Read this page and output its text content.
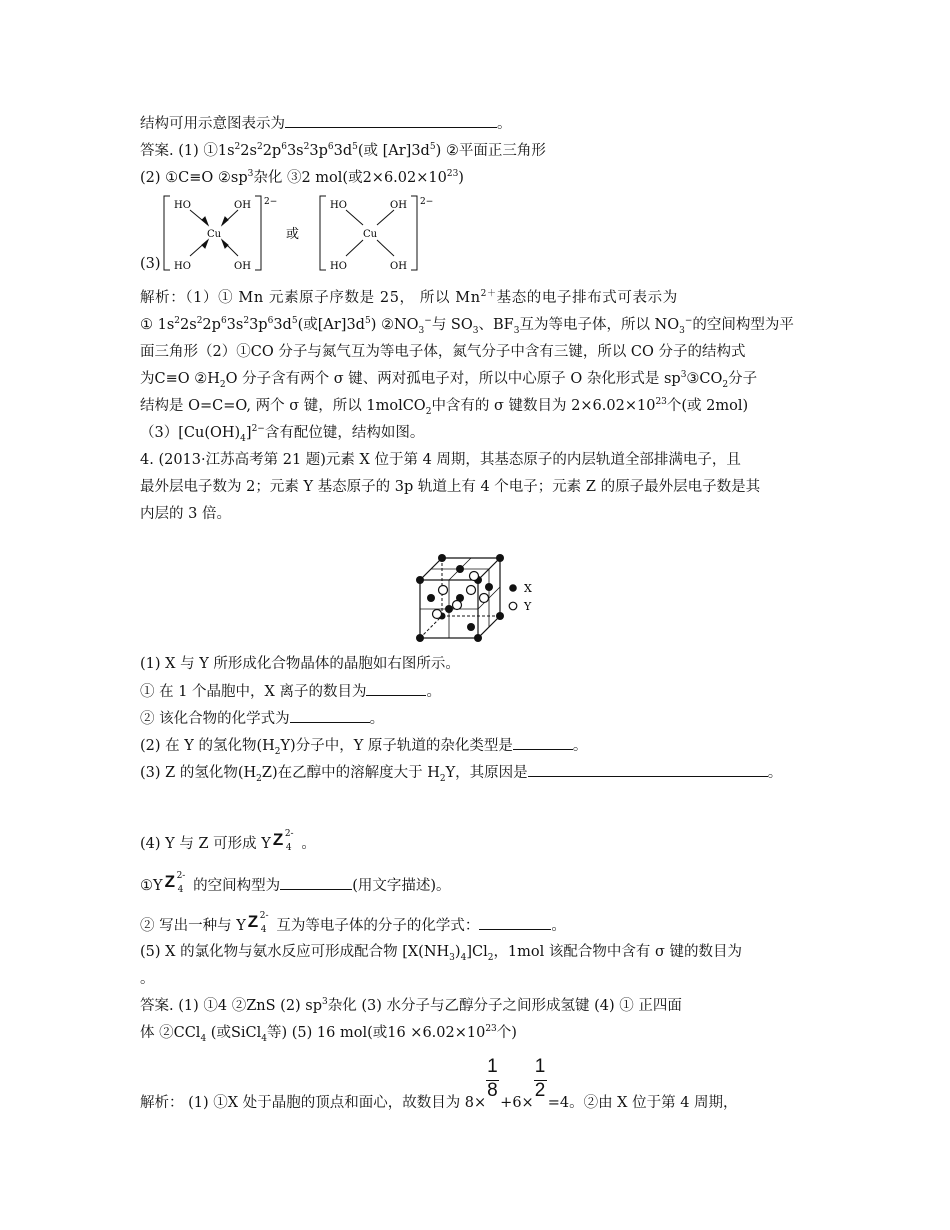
结构可用示意图表示为	。
答案. (1) $①1s^22s^22p^63s^23p^63d^5$(或 $[Ar]3d^5$) ②平面正三角形
(2) ①C≡O $②sp^3$杂化 ③2 mol(或$2\times 6.02\times 10^{23}$)
(3)
HO	OH
Cu
HO	OH
2−
或
HO	OH
Cu
HO	OH
2−
解析：（1）① Mn 元素原子序数是 25， 所以 $Mn^{2+}$基态的电子排布式可表示为
① $1s^22s^22p^63s^23p^63d^5$(或$[Ar]3d^5$) $②NO_3^-$与 $SO_3$、$BF_3$互为等电子体，所以 $NO_3^-$的空间构型为平
面三角形（2）①CO 分子与氮气互为等电子体，氮气分子中含有三键，所以 CO 分子的结构式
为C≡O $②H_2O$ 分子含有两个 σ 键、两对孤电子对，所以中心原子 O 杂化形式是 $sp^3③CO_2$分子
结构是 O=C=O, 两个 σ 键，所以 1molCO$_2$中含有的 σ 键数目为 $2\times 6.02\times 10^{23}$个(或 2mol)
$(3)[Cu(OH)_4]^{2-}$含有配位键，结构如图。
4. (2013·江苏高考第 21 题)元素 X 位于第 4 周期，其基态原子的内层轨道全部排满电子，且
最外层电子数为 2；元素 Y 基态原子的 3p 轨道上有 4 个电子；元素 Z 的原子最外层电子数是其
内层的 3 倍。
X
Y
(1) X 与 Y 所形成化合物晶体的晶胞如右图所示。
① 在 1 个晶胞中，X 离子的数目为	。
② 该化合物的化学式为	。
(2) 在 Y 的氢化物$(H_2Y)$分子中，Y 原子轨道的杂化类型是	。
(3) Z 的氢化物$(H_2Z)$在乙醇中的溶解度大于 $H_2Y$，其原因是	。
(4) Y 与 Z 可形成 Y Z 2-
4 。
①Y Z 2-
4 的空间构型为	(用文字描述)。
② 写出一种与 Y Z 2-
4 互为等电子体的分子的化学式：	。
(5) X 的氯化物与氨水反应可形成配合物 $[X(NH_3)_4]Cl_2$，1mol 该配合物中含有 σ 键的数目为
。
答案. (1) ①4 ②ZnS (2) $sp^3$杂化 (3) 水分子与乙醇分子之间形成氢键 (4) ① 正四面
体 ②CCl$_4$ (或SiCl$_4$等) (5) 16 mol(或$16 \times 6.02\times 10^{23}$个)
解析： (1) ①X 处于晶胞的顶点和面心，故数目为 $8\times \frac{1}{8} +6\times \frac{1}{2} =4$。②由 X 位于第 4 周期，
